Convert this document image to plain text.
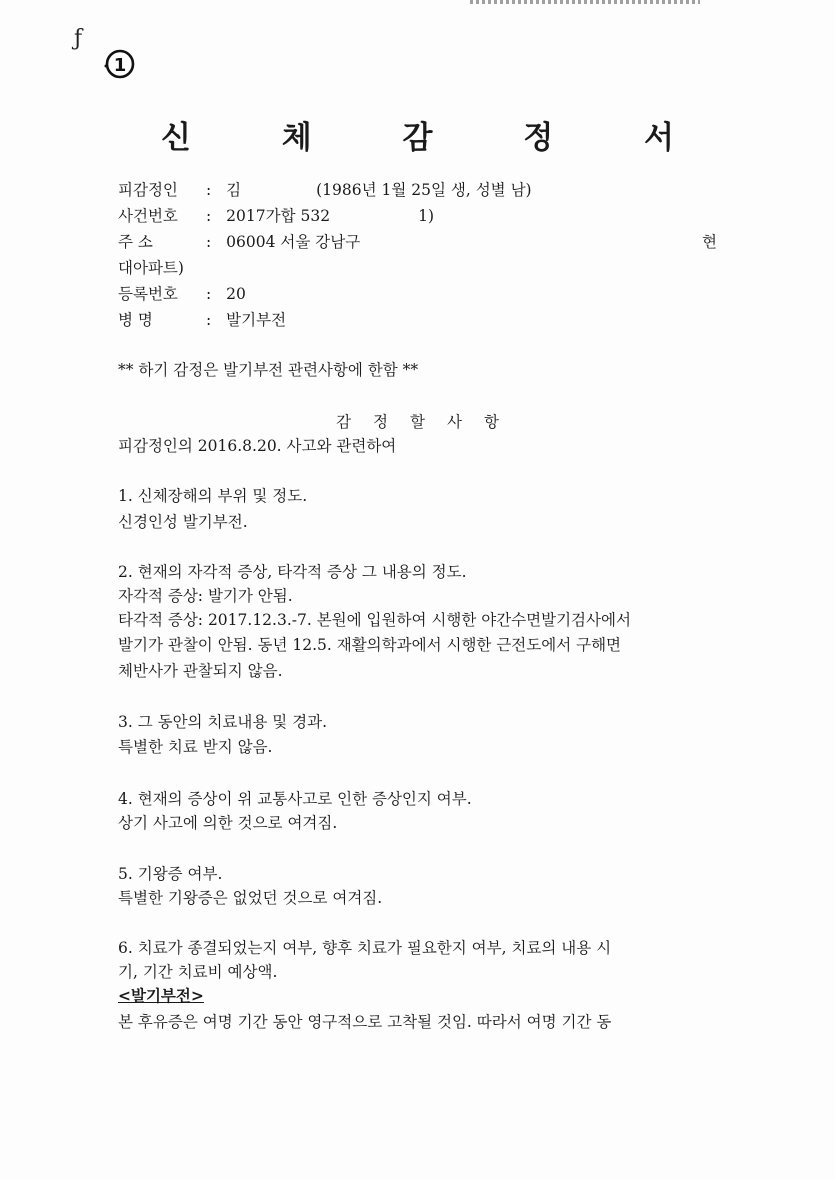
ƒ
1
신 체 감 정 서
피감정인 : 김	(1986년 1월 25일 생, 성별 남)
사건번호 : 2017가합 532	1)
주 소	: 06004 서울 강남구	현
대아파트)
등록번호 : 20
병 명	: 발기부전
** 하기 감정은 발기부전 관련사항에 한함 **
감정할사항
피감정인의 2016.8.20. 사고와 관련하여
1. 신체장해의 부위 및 정도.
신경인성 발기부전.
2. 현재의 자각적 증상, 타각적 증상 그 내용의 정도.
자각적 증상: 발기가 안됨.
타각적 증상: 2017.12.3.-7. 본원에 입원하여 시행한 야간수면발기검사에서
발기가 관찰이 안됨. 동년 12.5. 재활의학과에서 시행한 근전도에서 구해면
체반사가 관찰되지 않음.
3. 그 동안의 치료내용 및 경과.
특별한 치료 받지 않음.
4. 현재의 증상이 위 교통사고로 인한 증상인지 여부.
상기 사고에 의한 것으로 여겨짐.
5. 기왕증 여부.
특별한 기왕증은 없었던 것으로 여겨짐.
6. 치료가 종결되었는지 여부, 향후 치료가 필요한지 여부, 치료의 내용 시
기, 기간 치료비 예상액.
<발기부전>
본 후유증은 여명 기간 동안 영구적으로 고착될 것임. 따라서 여명 기간 동
